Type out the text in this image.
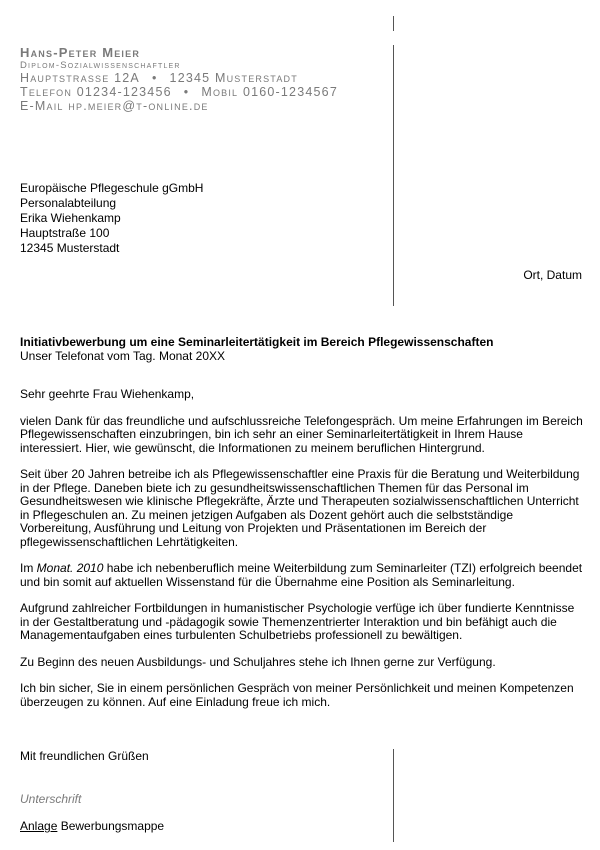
Hans-Peter Meier
Diplom-Sozialwissenschaftler
Hauptstrasse 12A • 12345 Musterstadt
Telefon 01234-123456 • Mobil 0160-1234567
E-Mail hp.meier@t-online.de
Europäische Pflegeschule gGmbH
Personalabteilung
Erika Wiehenkamp
Hauptstraße 100
12345 Musterstadt
Ort, Datum
Initiativbewerbung um eine Seminarleitertätigkeit im Bereich Pflegewissenschaften
Unser Telefonat vom Tag. Monat 20XX

Sehr geehrte Frau Wiehenkamp,

vielen Dank für das freundliche und aufschlussreiche Telefongespräch. Um meine Erfahrungen im Bereich Pflegewissenschaften einzubringen, bin ich sehr an einer Seminarleitertätigkeit in Ihrem Hause interessiert. Hier, wie gewünscht, die Informationen zu meinem beruflichen Hintergrund.

Seit über 20 Jahren betreibe ich als Pflegewissenschaftler eine Praxis für die Beratung und Weiterbildung in der Pflege. Daneben biete ich zu gesundheitswissenschaftlichen Themen für das Personal im Gesundheitswesen wie klinische Pflegekräfte, Ärzte und Therapeuten sozialwissenschaftlichen Unterricht in Pflegeschulen an. Zu meinen jetzigen Aufgaben als Dozent gehört auch die selbstständige Vorbereitung, Ausführung und Leitung von Projekten und Präsentationen im Bereich der pflegewissenschaftlichen Lehrtätigkeiten.

Im Monat. 2010 habe ich nebenberuflich meine Weiterbildung zum Seminarleiter (TZI) erfolgreich beendet und bin somit auf aktuellen Wissenstand für die Übernahme eine Position als Seminarleitung.

Aufgrund zahlreicher Fortbildungen in humanistischer Psychologie verfüge ich über fundierte Kenntnisse in der Gestaltberatung und -pädagogik sowie Themenzentrierter Interaktion und bin befähigt auch die Managementaufgaben eines turbulenten Schulbetriebs professionell zu bewältigen.

Zu Beginn des neuen Ausbildungs- und Schuljahres stehe ich Ihnen gerne zur Verfügung.

Ich bin sicher, Sie in einem persönlichen Gespräch von meiner Persönlichkeit und meinen Kompetenzen überzeugen zu können. Auf eine Einladung freue ich mich.

Mit freundlichen Grüßen
Unterschrift
Anlage Bewerbungsmappe
